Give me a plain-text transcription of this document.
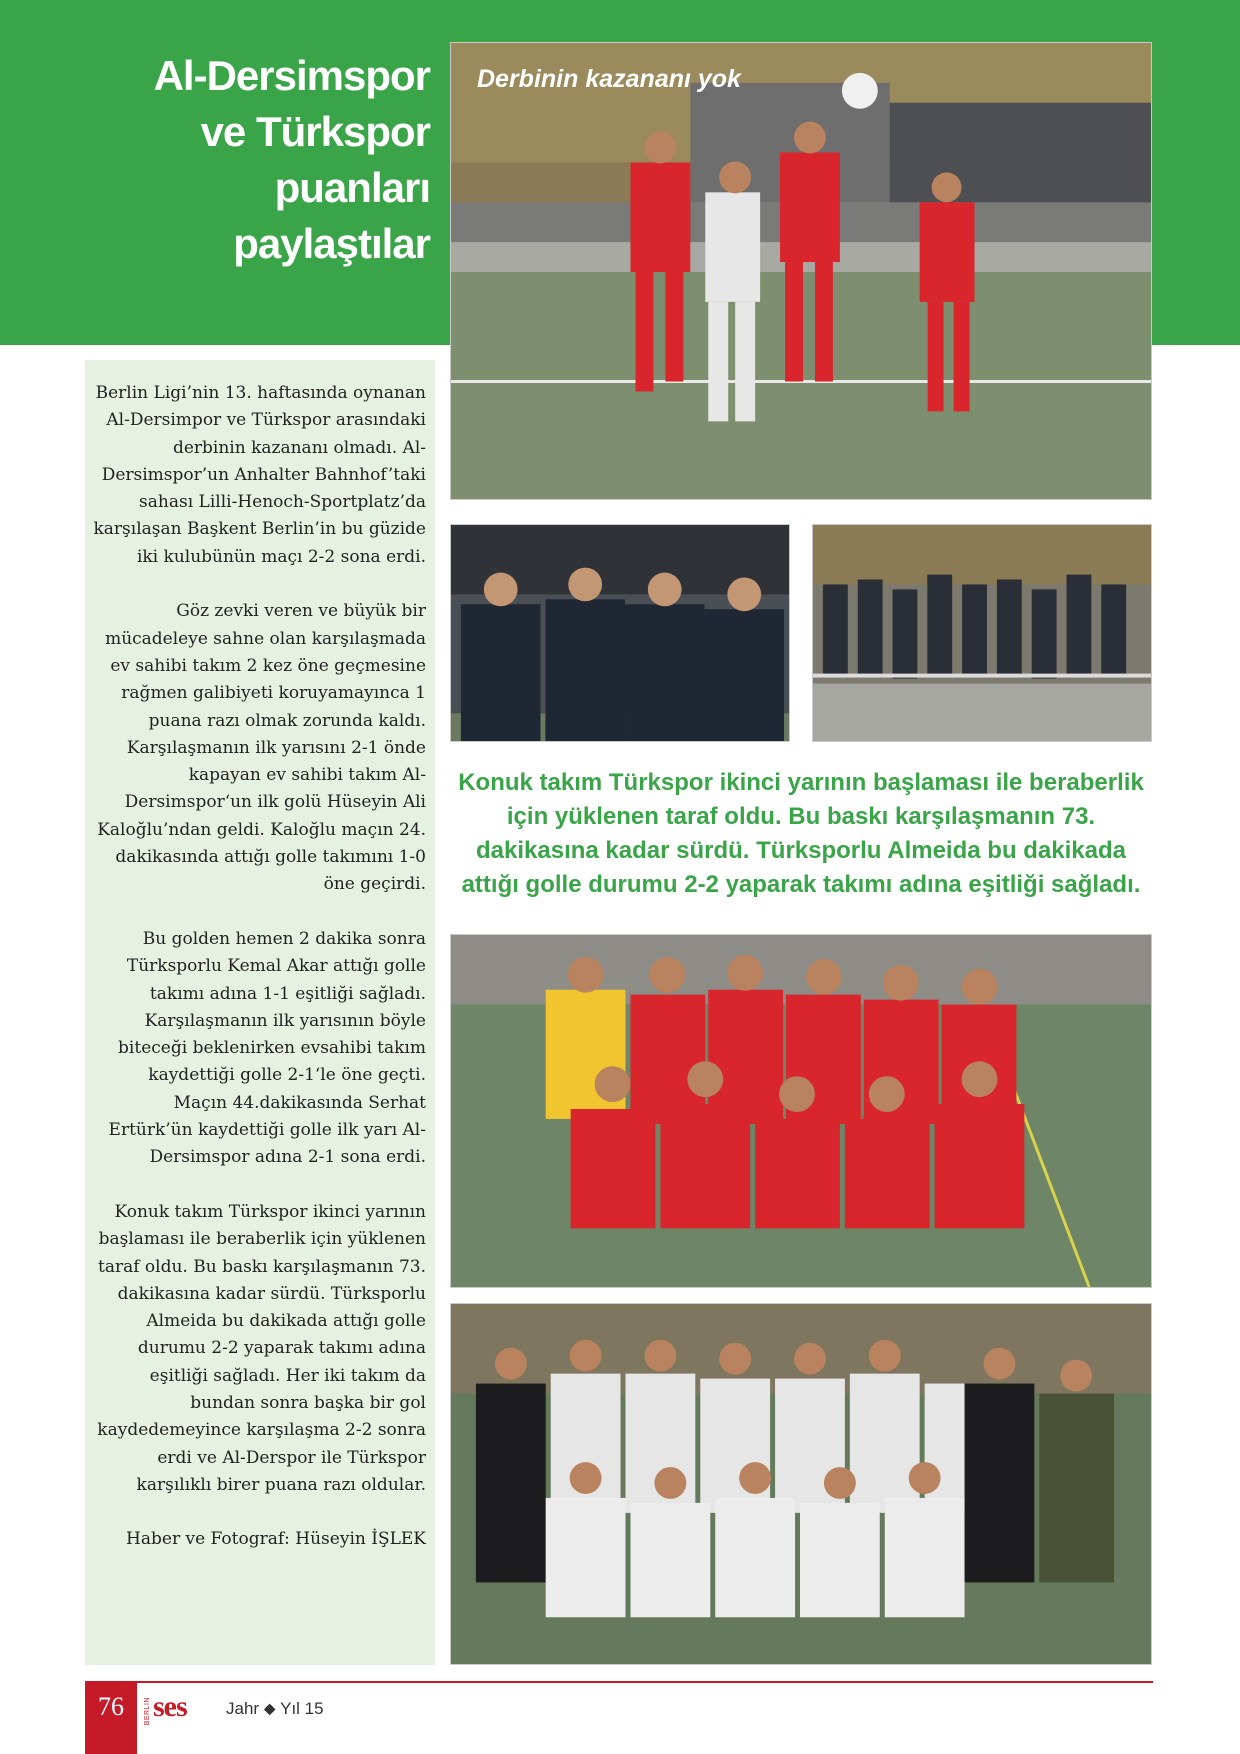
Al-Dersimspor
ve Türkspor
puanları
paylaştılar
Derbinin kazananı yok

Berlin Ligi’nin 13. haftasında oynanan Al-Dersimpor ve Türkspor arasındaki derbinin kazananı olmadı. Al-Dersimspor’un Anhalter Bahnhof’taki sahası Lilli-Henoch-Sportplatz’da karşılaşan Başkent Berlin’in bu güzide iki kulubünün maçı 2-2 sona erdi.

Göz zevki veren ve büyük bir mücadeleye sahne olan karşılaşmada ev sahibi takım 2 kez öne geçmesine rağmen galibiyeti koruyamayınca 1 puana razı olmak zorunda kaldı. Karşılaşmanın ilk yarısını 2-1 önde kapayan ev sahibi takım Al-Dersimspor‘un ilk golü Hüseyin Ali Kaloğlu’ndan geldi. Kaloğlu maçın 24. dakikasında attığı golle takımını 1-0 öne geçirdi.

Bu golden hemen 2 dakika sonra Türksporlu Kemal Akar attığı golle takımı adına 1-1 eşitliği sağladı. Karşılaşmanın ilk yarısının böyle biteceği beklenirken evsahibi takım kaydettiği golle 2-1‘le öne geçti. Maçın 44.dakikasında Serhat Ertürk’ün kaydettiği golle ilk yarı Al-Dersimspor adına 2-1 sona erdi.

Konuk takım Türkspor ikinci yarının başlaması ile beraberlik için yüklenen taraf oldu. Bu baskı karşılaşmanın 73. dakikasına kadar sürdü. Türksporlu Almeida bu dakikada attığı golle durumu 2-2 yaparak takımı adına eşitliği sağladı. Her iki takım da bundan sonra başka bir gol kaydedemeyince karşılaşma 2-2 sonra erdi ve Al-Derspor ile Türkspor karşılıklı birer puana razı oldular.

Haber ve Fotograf: Hüseyin İŞLEK

Konuk takım Türkspor ikinci yarının başlaması ile beraberlik için yüklenen taraf oldu. Bu baskı karşılaşmanın 73. dakikasına kadar sürdü. Türksporlu Almeida bu dakikada attığı golle durumu 2-2 yaparak takımı adına eşitliği sağladı.
76	BERLIN ses Jahr ⬥ Yıl 15
